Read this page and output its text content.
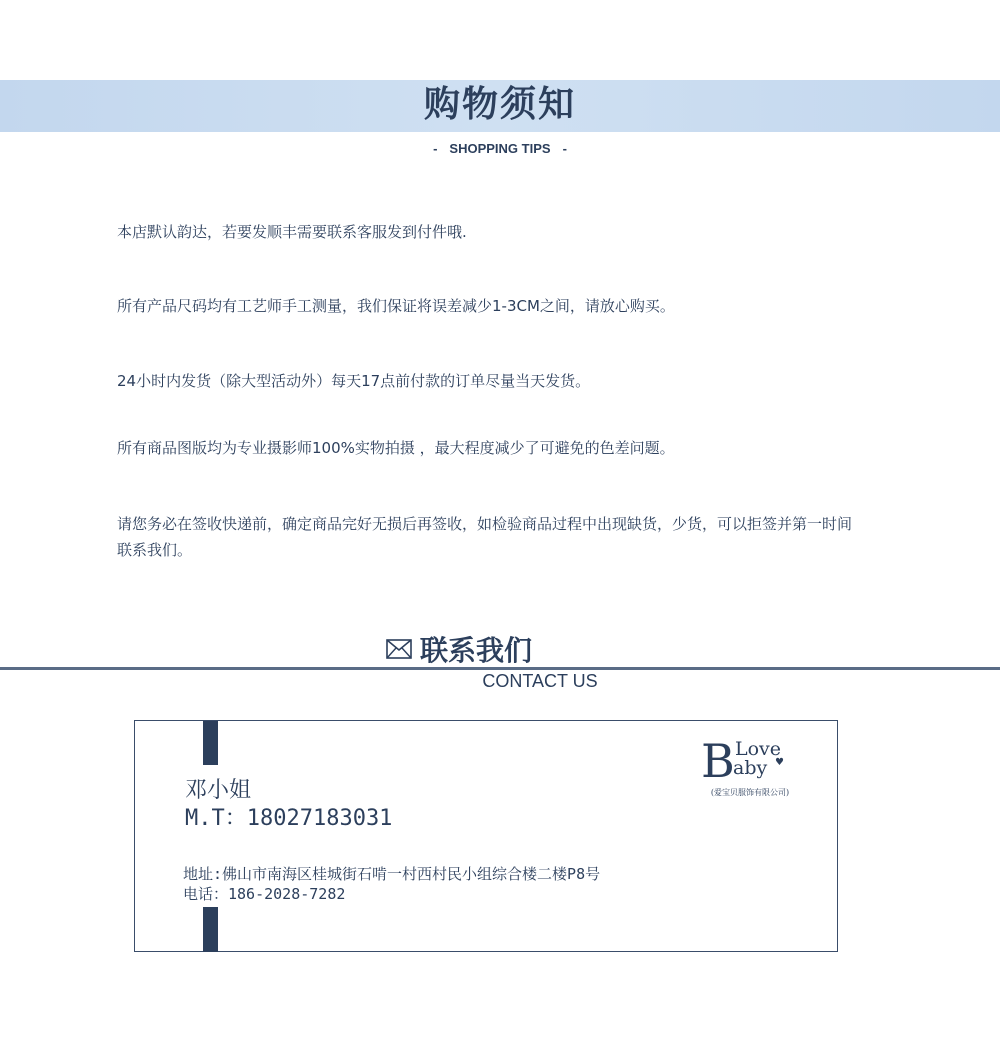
购物须知
- SHOPPING TIPS -
本店默认韵达，若要发顺丰需要联系客服发到付件哦.
所有产品尺码均有工艺师手工测量，我们保证将误差减少1-3CM之间，请放心购买。
24小时内发货（除大型活动外）每天17点前付款的订单尽量当天发货。
所有商品图版均为专业摄影师100%实物拍摄 ，最大程度减少了可避免的色差问题。
请您务必在签收快递前，确定商品完好无损后再签收，如检验商品过程中出现缺货，少货，可以拒签并第一时间联系我们。
联系我们
CONTACT US
邓小姐
M.T：18027183031
地址:佛山市南海区桂城街石啃一村西村民小组综合楼二楼P8号
电话：186-2028-7282
B Love
aby ♥
(爱宝贝服饰有限公司)
